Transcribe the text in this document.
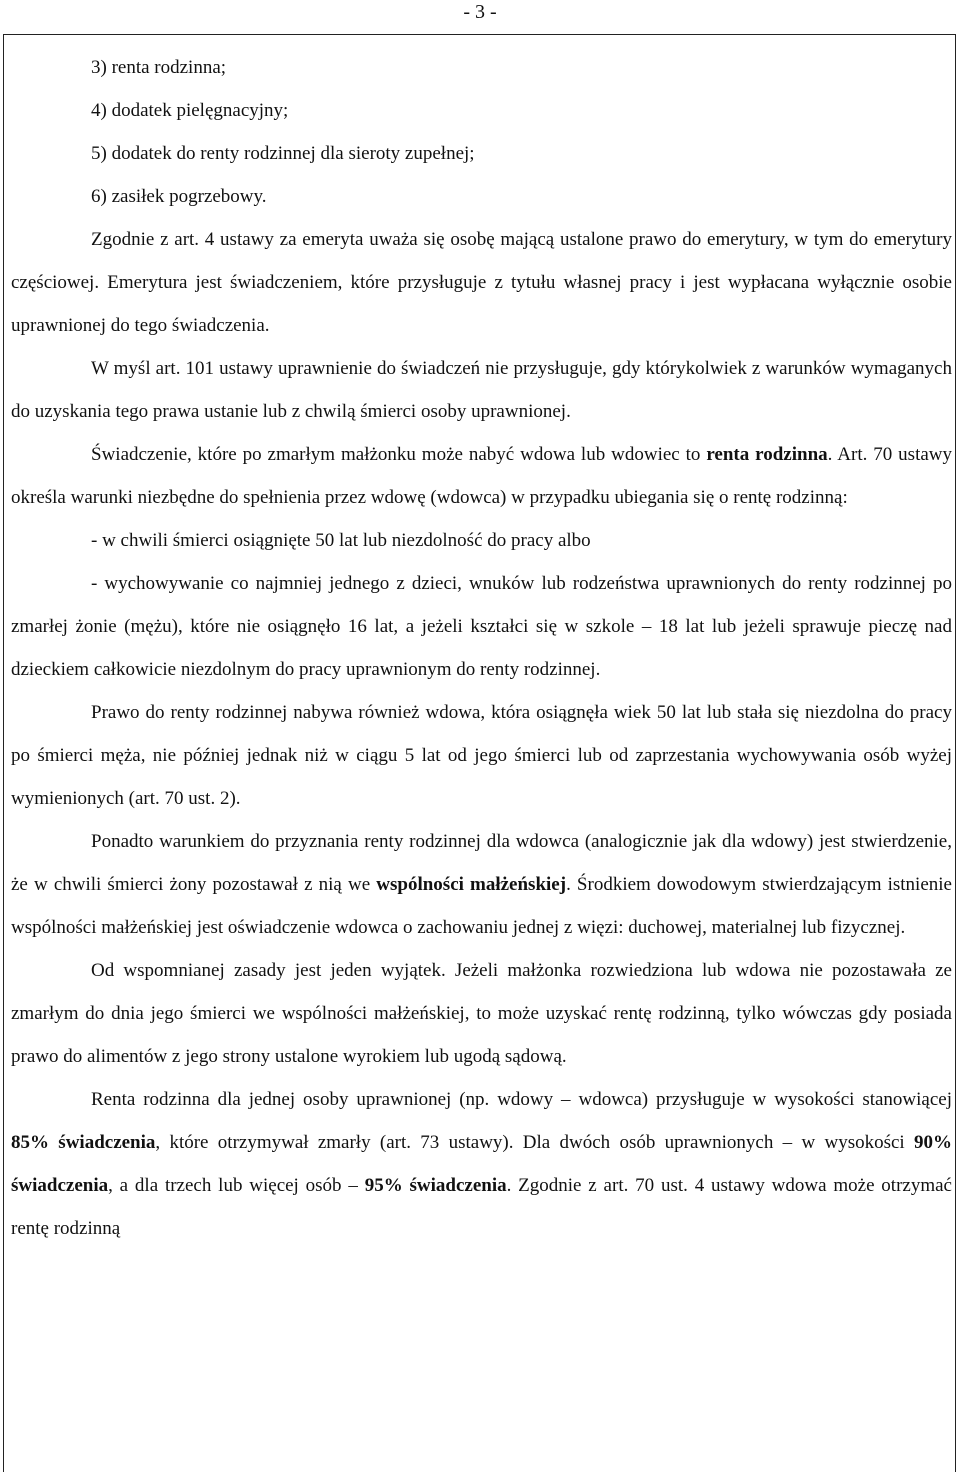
- 3 -
3) renta rodzinna;
4) dodatek pielęgnacyjny;
5) dodatek do renty rodzinnej dla sieroty zupełnej;
6) zasiłek pogrzebowy.

Zgodnie z art. 4 ustawy za emeryta uważa się osobę mającą ustalone prawo do emerytury, w tym do emerytury częściowej. Emerytura jest świadczeniem, które przysługuje z tytułu własnej pracy i jest wypłacana wyłącznie osobie uprawnionej do tego świadczenia.

W myśl art. 101 ustawy uprawnienie do świadczeń nie przysługuje, gdy którykolwiek z warunków wymaganych do uzyskania tego prawa ustanie lub z chwilą śmierci osoby uprawnionej.

Świadczenie, które po zmarłym małżonku może nabyć wdowa lub wdowiec to renta rodzinna. Art. 70 ustawy określa warunki niezbędne do spełnienia przez wdowę (wdowca) w przypadku ubiegania się o rentę rodzinną:

- w chwili śmierci osiągnięte 50 lat lub niezdolność do pracy albo

- wychowywanie co najmniej jednego z dzieci, wnuków lub rodzeństwa uprawnionych do renty rodzinnej po zmarłej żonie (mężu), które nie osiągnęło 16 lat, a jeżeli kształci się w szkole – 18 lat lub jeżeli sprawuje pieczę nad dzieckiem całkowicie niezdolnym do pracy uprawnionym do renty rodzinnej.

Prawo do renty rodzinnej nabywa również wdowa, która osiągnęła wiek 50 lat lub stała się niezdolna do pracy po śmierci męża, nie później jednak niż w ciągu 5 lat od jego śmierci lub od zaprzestania wychowywania osób wyżej wymienionych (art. 70 ust. 2).

Ponadto warunkiem do przyznania renty rodzinnej dla wdowca (analogicznie jak dla wdowy) jest stwierdzenie, że w chwili śmierci żony pozostawał z nią we wspólności małżeńskiej. Środkiem dowodowym stwierdzającym istnienie wspólności małżeńskiej jest oświadczenie wdowca o zachowaniu jednej z więzi: duchowej, materialnej lub fizycznej.

Od wspomnianej zasady jest jeden wyjątek. Jeżeli małżonka rozwiedziona lub wdowa nie pozostawała ze zmarłym do dnia jego śmierci we wspólności małżeńskiej, to może uzyskać rentę rodzinną, tylko wówczas gdy posiada prawo do alimentów z jego strony ustalone wyrokiem lub ugodą sądową.

Renta rodzinna dla jednej osoby uprawnionej (np. wdowy – wdowca) przysługuje w wysokości stanowiącej 85% świadczenia, które otrzymywał zmarły (art. 73 ustawy). Dla dwóch osób uprawnionych – w wysokości 90% świadczenia, a dla trzech lub więcej osób – 95% świadczenia. Zgodnie z art. 70 ust. 4 ustawy wdowa może otrzymać rentę rodzinną
